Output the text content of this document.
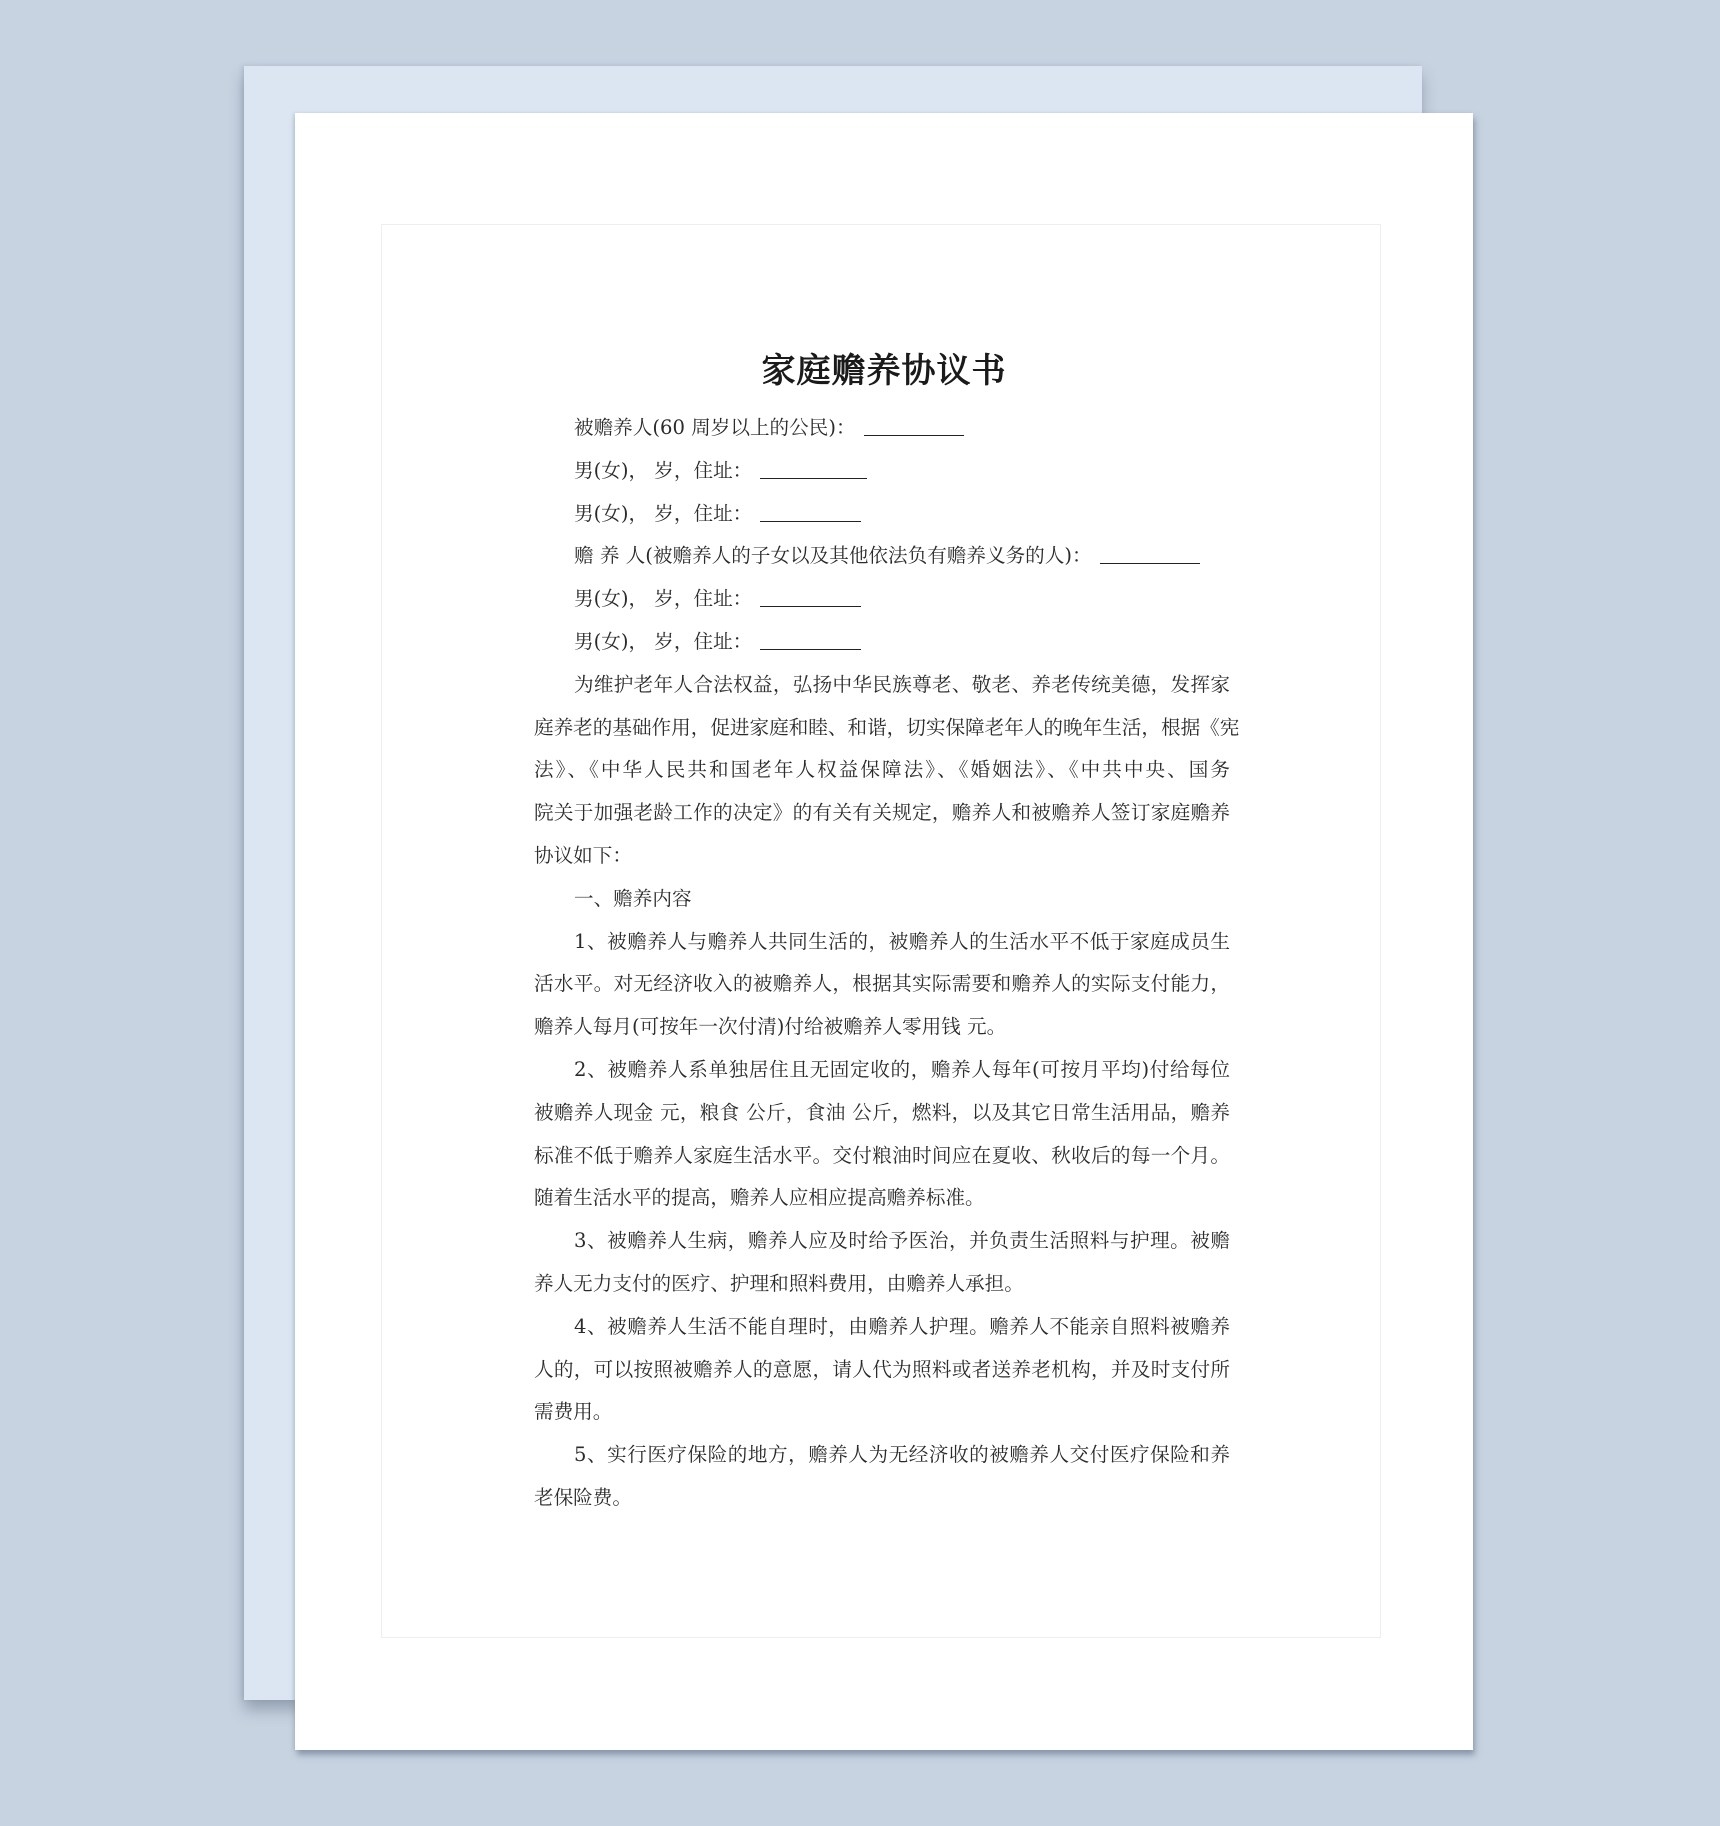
家庭赡养协议书
被赡养人(60 周岁以上的公民)：
男(女)， 岁，住址：
男(女)， 岁，住址：
赡 养 人(被赡养人的子女以及其他依法负有赡养义务的人)：
男(女)， 岁，住址：
男(女)， 岁，住址：
为维护老年人合法权益，弘扬中华民族尊老、敬老、养老传统美德，发挥家
庭养老的基础作用，促进家庭和睦、和谐，切实保障老年人的晚年生活，根据《宪
法》、《中华人民共和国老年人权益保障法》、《婚姻法》、《中共中央、国务
院关于加强老龄工作的决定》的有关有关规定，赡养人和被赡养人签订家庭赡养
协议如下：
一、赡养内容
1、被赡养人与赡养人共同生活的，被赡养人的生活水平不低于家庭成员生
活水平。对无经济收入的被赡养人，根据其实际需要和赡养人的实际支付能力，
赡养人每月(可按年一次付清)付给被赡养人零用钱 元。
2、被赡养人系单独居住且无固定收的，赡养人每年(可按月平均)付给每位
被赡养人现金 元，粮食 公斤，食油 公斤，燃料，以及其它日常生活用品，赡养
标准不低于赡养人家庭生活水平。交付粮油时间应在夏收、秋收后的每一个月。
随着生活水平的提高，赡养人应相应提高赡养标准。
3、被赡养人生病，赡养人应及时给予医治，并负责生活照料与护理。被赡
养人无力支付的医疗、护理和照料费用，由赡养人承担。
4、被赡养人生活不能自理时，由赡养人护理。赡养人不能亲自照料被赡养
人的，可以按照被赡养人的意愿，请人代为照料或者送养老机构，并及时支付所
需费用。
5、实行医疗保险的地方，赡养人为无经济收的被赡养人交付医疗保险和养
老保险费。
